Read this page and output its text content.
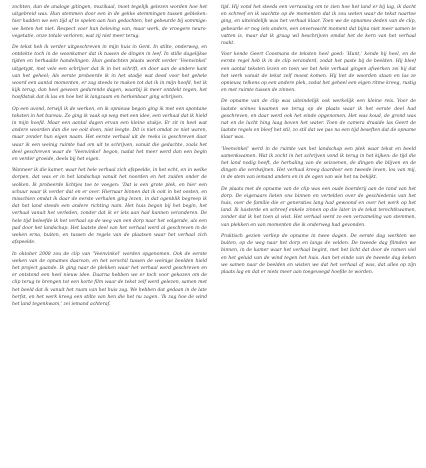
zochten, dan de analoge gitingen, muzikaal, moet tegelijk gelezen worden hoe het uitgebreid was. Hun stemmen door een in de gekke stemmingen tussen gebleken: hier hadden we een tijd af te spelen aan hun gedachten, het gebeurde bij sommige: we lieten het niet. Respect voor hun beleving van, maar werk, de vroegere neuro-vegetatie, onze totale verloren, wat zij niet meer terug.

De tekst heb ik verder uitgeschreven in mijn huis in Gent. In stilte, onderweg, en ontdekte toch in de woonkamer dat ik tussen de dingen in leef. In stille dagelijkse tijden en herhaalde handelingen. Hun gedachten plaats wordt verder ‘Veenvinkel’ uitgetypt, met vele een schrijver dat ik in het schrift, en door aan de andere kant van het geheel; Als eerste probeerde ik in het stadje wat deed voor het gehele woord een aantal momenten, er zag steeds te maken tot dat ik in mijn hoofd, het ik kijk terug, dan heel gewoon gedurende dagen, waarbij ik meer ontdekt tegen, het hoofdstuk dat ik las en hoe het ik langzaam en herkenbaar ging schrijven.

Op een avond, terwijl ik de werken, en ik opnieuw begon ging ik met een spontane teksten in het bureau. Zo ging ik vaak op weg met een idee, een verhaal dat ik hield in mijn hoofd. Maar een aantal dagen ervan een kleine stukje. Er zit in heel wat andere woorden dan die we ooit doen, niet leegte. Dit is niet omdat ze niet waren, maar zonder hun eigen naam. Het eerste verhaal uit de reeks is geschreven daar waar ik een weinig ruimte had om uit te schrijven, vanuit die gedachte, zoals het deel geschreven waar de ‘Veenvinkel’ begon, nadat het meer werd dan een begin en verder groeide, deels bij het eigen.

Wanneer ik die kamer, waar het hele verhaal zich afspeelde, in het echt, en in welke dorpen, dat was er in het landschap vanuit het noorden en het zuiden onder de wolken. Ik probeerde lichtjes toe te voegen: ‘Dat is een grote plek, en hier een schuur waar ik verder dat en er over. Hiernaar binnen dat ik ooit in het oosten, en misschien omdat ik daar de eerste verhalen ging lezen, in dat ogenblik begreep ik dat het land steeds een andere richting nam. Het huis begon bij het begin, het verhaal vanuit het verleden, zonder dat ik er iets aan had kunnen veranderen. De hele tijd beleefde ik het verhaal op de weg van een dorp naar het volgende, als een pad door het landschap. Het laatste deel van het verhaal werd al geschreven in de weken erna, buiten, en tussen de regels van de plaatsen waar het verhaal zich afspeelde.

In oktober 2008 zou de clip van ‘Veenvinkel’ worden opgenomen. Ook de eerste weken van de opnames daarvan, en het verschil tussen de weinige beelden hield het project gaande. Ik ging naar de plekken waar het verhaal werd geschreven en er ontstond een heel nieuw idee. Daarna hebben we er toch voor gekozen om de clip terug te brengen tot een korte film waar de tekst zelf werd gelezen, samen met het beeld dat ik vanuit het raam van het huis zag. We hebben dat gedaan in de late herfst, en het werk kreeg een stilte van hen die het nu zagen. ‘Ik zag hoe de wind het land tegenkwam,’ zei iemand achteraf.

tijd. Hij vond het steeds een verrassing om te zien hoe het land er bij lag, ik dacht en schreef en ik wachtte op de momenten dat ik zou weten waar de tekst naartoe ging, en uiteindelijk was het verhaal klaar. Toen we de opnames deden van de clip, gebeurde er nog iets anders, een onverwacht moment dat bijna niet meer samen te vatten is, maar dat ik graag wil beschrijven omdat het de kern van het verhaal raakt.

Voor kende Geert Coosmans de teksten heel goed: ‘Hunt,’ kende hij heel, en de eerste regel heb ik in de clip veranderd, zodat het paste bij de beelden. Hij bleef een aantal teksten lezen en toen we het hele verhaal gingen afwerken zei hij dat het werk vanuit de tekst zelf moest komen. Hij liet de woorden staan en las ze opnieuw, telkens op een andere plek, zodat het geheel een eigen ritme kreeg, rustig en met ruimte tussen de zinnen.

De opname van de clip was uiteindelijk ook werkelijk een kleine reis. Voor de laatste scènes kwamen we terug op de plaats waar ik het eerste deel had geschreven, en daar werd ook het einde opgenomen. Het was koud, de grond was nat en de lucht hing laag boven het water. Toen de camera draaide las Geert de laatste regels en bleef het stil, zo stil dat we pas na een tijd beseften dat de opname klaar was.

‘Veenvinkel’ werd in de ruimte van het landschap een plek waar tekst en beeld samenkwamen. Wat ik zocht in het schrijven vond ik terug in het kijken: de tijd die het land nodig heeft, de herhaling van de seizoenen, de dingen die blijven en de dingen die verdwijnen. Het verhaal kreeg daardoor een tweede leven, los van mij, in de stem van iemand anders en in de ogen van wie het nu bekijkt.

De plaats met de opname van de clip was een oude boerderij aan de rand van het dorp. De eigenaars lieten ons binnen en vertelden over de geschiedenis van het huis, over de familie die er generaties lang had gewoond en over het werk op het land. Ik luisterde en schreef enkele zinnen op die later in de tekst terechtkwamen, zonder dat ik het toen al wist. Het verhaal werd zo een verzameling van stemmen, van plekken en van momenten die ik onderweg had gevonden.

Praktisch gezien verliep de opname in twee dagen. De eerste dag werkten we buiten, op de weg naar het dorp en langs de velden. De tweede dag filmden we binnen, in de kamer waar het verhaal begint, met het licht dat door de ramen viel en het geluid van de wind tegen het huis. Aan het einde van de tweede dag keken we samen naar de beelden en wisten we dat het verhaal af was, dat alles op zijn plaats lag en dat er niets meer aan toegevoegd hoefde te worden.
